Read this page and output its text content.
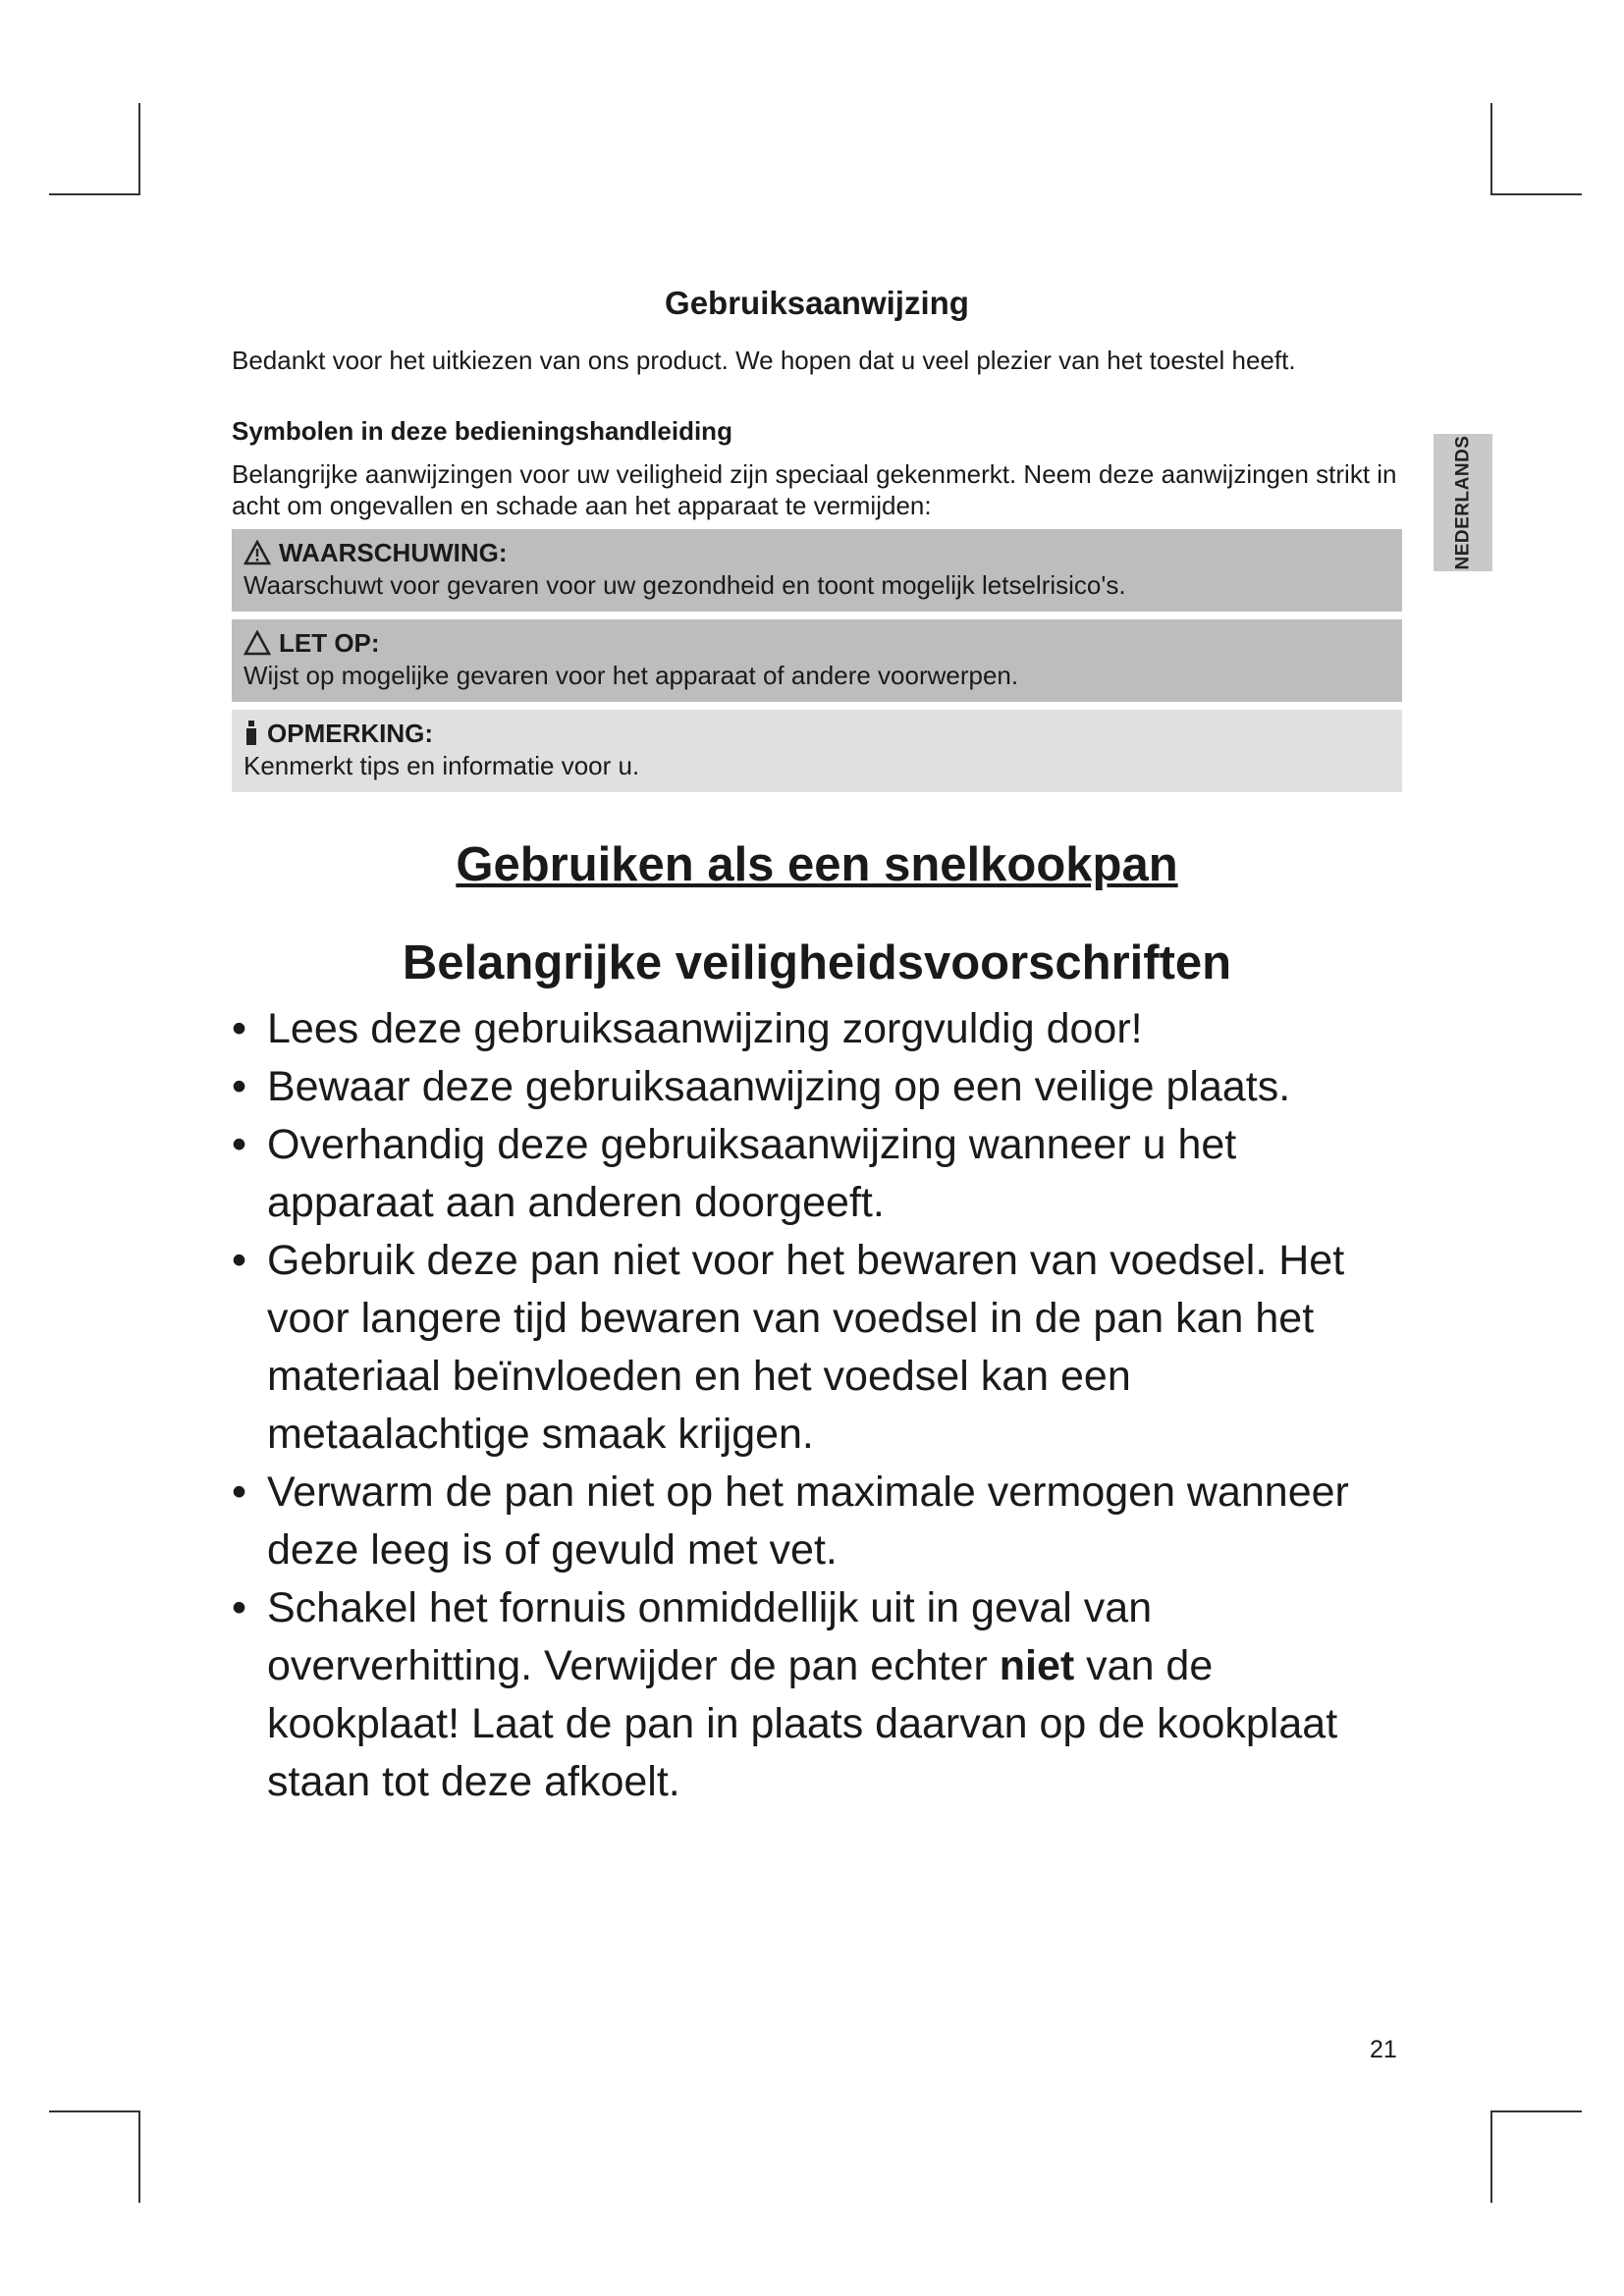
NEDERLANDS
Gebruiksaanwijzing

Bedankt voor het uitkiezen van ons product. We hopen dat u veel plezier van het toestel heeft.

Symbolen in deze bedieningshandleiding

Belangrijke aanwijzingen voor uw veiligheid zijn speciaal gekenmerkt. Neem deze aanwijzingen strikt in acht om ongevallen en schade aan het apparaat te vermijden:

WAARSCHUWING:
Waarschuwt voor gevaren voor uw gezondheid en toont mogelijk letselrisico's.
LET OP:
Wijst op mogelijke gevaren voor het apparaat of andere voorwerpen.
OPMERKING:
Kenmerkt tips en informatie voor u.
Gebruiken als een snelkookpan
Belangrijke veiligheidsvoorschriften
• Lees deze gebruiksaanwijzing zorgvuldig door!
• Bewaar deze gebruiksaanwijzing op een veilige plaats.
• Overhandig deze gebruiksaanwijzing wanneer u het apparaat aan anderen doorgeeft.
• Gebruik deze pan niet voor het bewaren van voedsel. Het voor langere tijd bewaren van voedsel in de pan kan het materiaal beïnvloeden en het voedsel kan een metaalachtige smaak krijgen.
• Verwarm de pan niet op het maximale vermogen wanneer deze leeg is of gevuld met vet.
• Schakel het fornuis onmiddellijk uit in geval van oververhitting. Verwijder de pan echter niet van de kookplaat! Laat de pan in plaats daarvan op de kookplaat staan tot deze afkoelt.
21
